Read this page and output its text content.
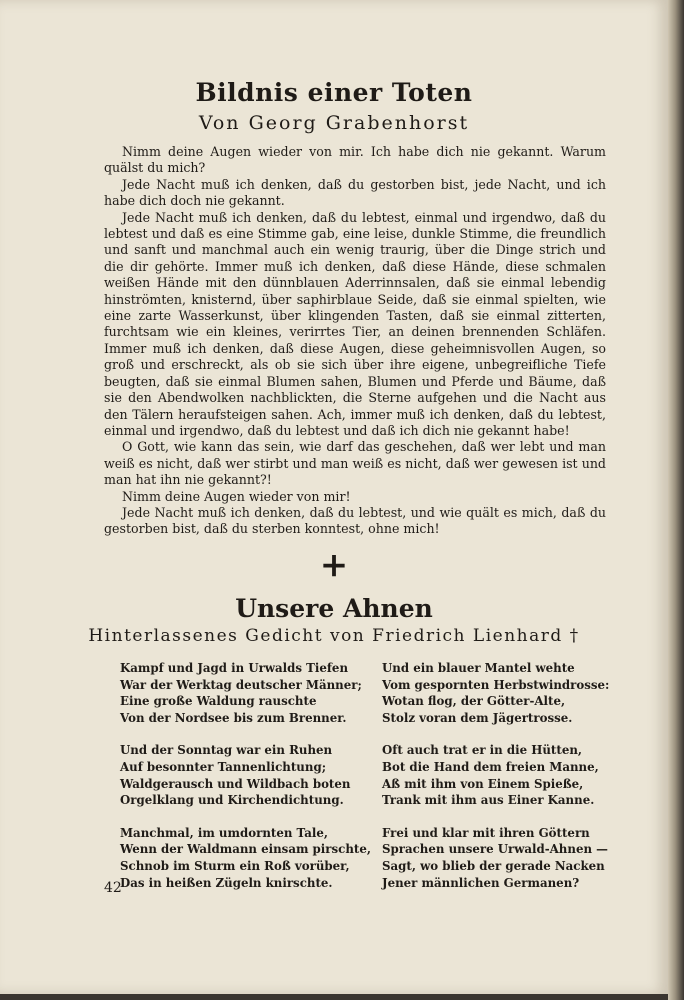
Bildnis einer Toten
Von Georg Grabenhorst

Nimm deine Augen wieder von mir. Ich habe dich nie gekannt. Warum quälst du mich?

Jede Nacht muß ich denken, daß du gestorben bist, jede Nacht, und ich habe dich doch nie gekannt.

Jede Nacht muß ich denken, daß du lebtest, einmal und irgendwo, daß du lebtest und daß es eine Stimme gab, eine leise, dunkle Stimme, die freundlich und sanft und manchmal auch ein wenig traurig, über die Dinge strich und die dir gehörte. Immer muß ich denken, daß diese Hände, diese schmalen weißen Hände mit den dünnblauen Aderrinnsalen, daß sie einmal lebendig hinströmten, knisternd, über saphirblaue Seide, daß sie einmal spielten, wie eine zarte Wasserkunst, über klingenden Tasten, daß sie einmal zitterten, furchtsam wie ein kleines, verirrtes Tier, an deinen brennenden Schläfen. Immer muß ich denken, daß diese Augen, diese geheimnisvollen Augen, so groß und erschreckt, als ob sie sich über ihre eigene, unbegreifliche Tiefe beugten, daß sie einmal Blumen sahen, Blumen und Pferde und Bäume, daß sie den Abendwolken nachblickten, die Sterne aufgehen und die Nacht aus den Tälern heraufsteigen sahen. Ach, immer muß ich denken, daß du lebtest, einmal und irgendwo, daß du lebtest und daß ich dich nie gekannt habe!

O Gott, wie kann das sein, wie darf das geschehen, daß wer lebt und man weiß es nicht, daß wer stirbt und man weiß es nicht, daß wer gewesen ist und man hat ihn nie gekannt?!

Nimm deine Augen wieder von mir!

Jede Nacht muß ich denken, daß du lebtest, und wie quält es mich, daß du gestorben bist, daß du sterben konntest, ohne mich!

+
Unsere Ahnen
Hinterlassenes Gedicht von Friedrich Lienhard †
Kampf und Jagd in Urwalds Tiefen
War der Werktag deutscher Männer;
Eine große Waldung rauschte
Von der Nordsee bis zum Brenner.
Und der Sonntag war ein Ruhen
Auf besonnter Tannenlichtung;
Waldgerausch und Wildbach boten
Orgelklang und Kirchendichtung.
Manchmal, im umdornten Tale,
Wenn der Waldmann einsam pirschte,
Schnob im Sturm ein Roß vorüber,
Das in heißen Zügeln knirschte.
Und ein blauer Mantel wehte
Vom gespornten Herbstwindrosse:
Wotan flog, der Götter-Alte,
Stolz voran dem Jägertrosse.
Oft auch trat er in die Hütten,
Bot die Hand dem freien Manne,
Aß mit ihm von Einem Spieße,
Trank mit ihm aus Einer Kanne.
Frei und klar mit ihren Göttern
Sprachen unsere Urwald-Ahnen —
Sagt, wo blieb der gerade Nacken
Jener männlichen Germanen?
42
